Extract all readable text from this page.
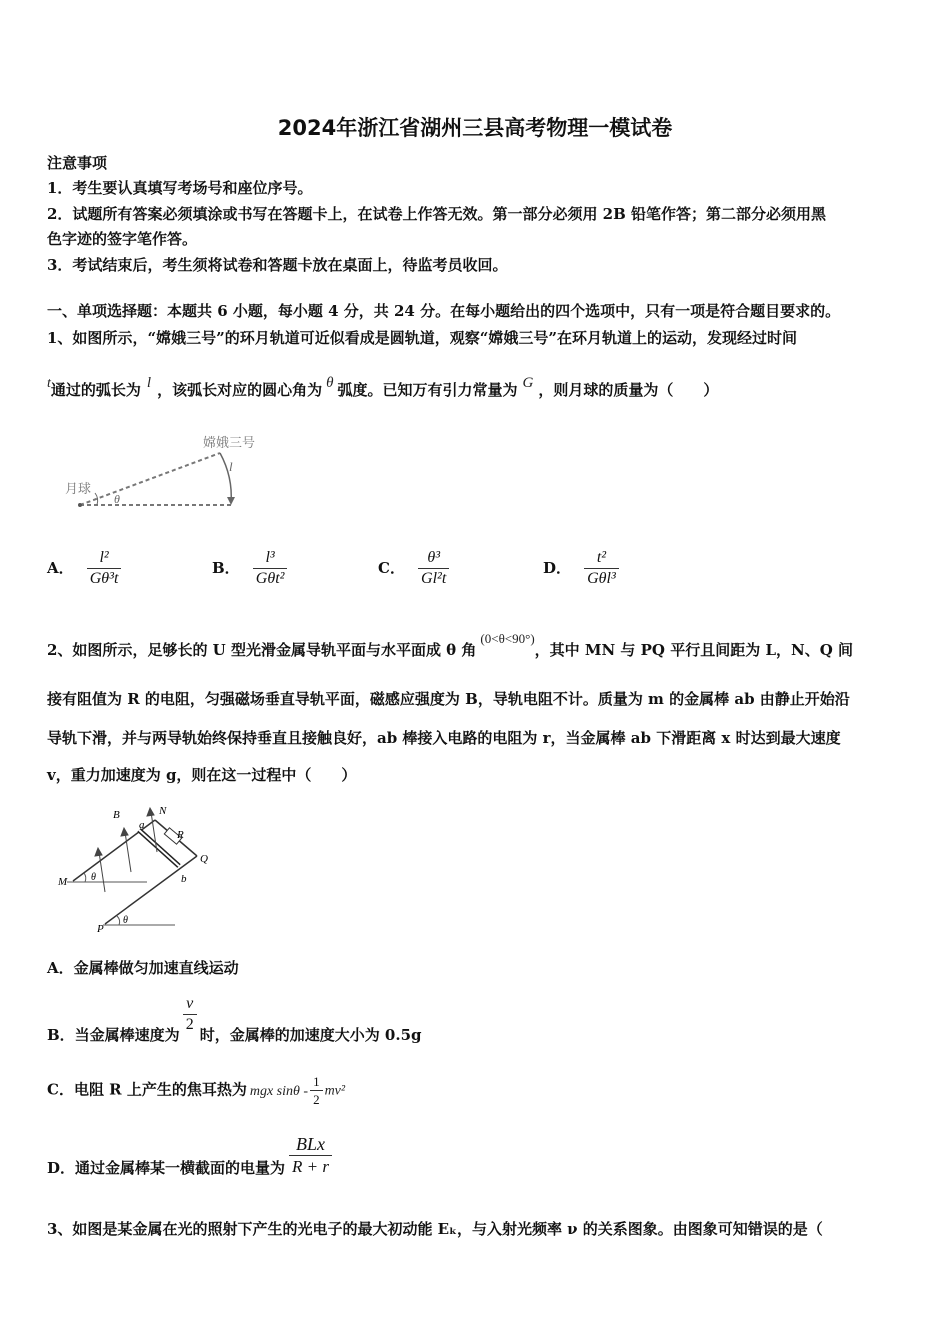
2024年浙江省湖州三县高考物理一模试卷
注意事项
1．考生要认真填写考场号和座位序号。
2．试题所有答案必须填涂或书写在答题卡上，在试卷上作答无效。第一部分必须用 2B 铅笔作答；第二部分必须用黑
色字迹的签字笔作答。
3．考试结束后，考生须将试卷和答题卡放在桌面上，待监考员收回。
一、单项选择题：本题共 6 小题，每小题 4 分，共 24 分。在每小题给出的四个选项中，只有一项是符合题目要求的。
1、如图所示，“嫦娥三号”的环月轨道可近似看成是圆轨道，观察“嫦娥三号”在环月轨道上的运动，发现经过时间
t通过的弧长为 l ，该弧长对应的圆心角为 θ 弧度。已知万有引力常量为 G ，则月球的质量为（　　）
月球
嫦娥三号
l
θ
A． $\frac{\text{l²}}{\text{Gθ³t}}$	B． $\frac{\text{l³}}{\text{Gθt²}}$	C． $\frac{\text{θ³}}{\text{Gl²t}}$	D． $\frac{\text{t²}}{\text{Gθl³}}$
2、如图所示，足够长的 U 型光滑金属导轨平面与水平面成 θ 角(0<θ<90°)，其中 MN 与 PQ 平行且间距为 L，N、Q 间
接有阻值为 R 的电阻，匀强磁场垂直导轨平面，磁感应强度为 B，导轨电阻不计。质量为 m 的金属棒 ab 由静止开始沿
导轨下滑，并与两导轨始终保持垂直且接触良好，ab 棒接入电路的电阻为 r，当金属棒 ab 下滑距离 x 时达到最大速度
v，重力加速度为 g，则在这一过程中（　　）
B	N
a
R
Q
M	b
P
θ
θ
A．金属棒做匀加速直线运动
B．当金属棒速度为 $\frac{v}{2}$ 时，金属棒的加速度大小为 0.5g
C．电阻 R 上产生的焦耳热为 mgx sinθ - $\frac{1}{2} mv^2$
D．通过金属棒某一横截面的电量为 $\frac{\text{BLx}}{R + r}$
3、如图是某金属在光的照射下产生的光电子的最大初动能 Eₖ，与入射光频率 ν 的关系图象。由图象可知错误的是（
